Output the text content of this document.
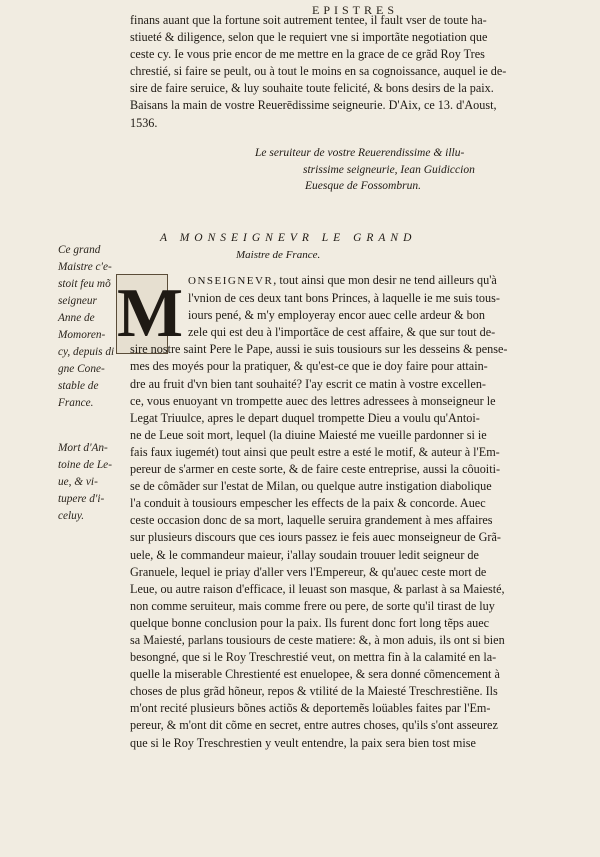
EPISTRES
finans auant que la fortune soit autrement tentee, il fault vser de toute ha-
stiueté & diligence, selon que le requiert vne si importãte negotiation que
ceste cy. Ie vous prie encor de me mettre en la grace de ce grãd Roy Tres
chrestié, si faire se peult, ou à tout le moins en sa cognoissance, auquel ie de-
sire de faire seruice, & luy souhaite toute felicité, & bons desirs de la paix.
Baisans la main de vostre Reuerēdissime seigneurie. D'Aix, ce 13. d'Aoust,
1536.
Le seruiteur de vostre Reuerendissime & illu-
strissime seigneurie, Iean Guidiccion
Euesque de Fossombrun.
A MONSEIGNEVR LE GRAND
Maistre de France.
Ce grand
Maistre c'e-
stoit feu mõ
seigneur
Anne de
Momoren-
cy, depuis di
gne Cone-
stable de
France.
Mort d'An-
toine de Le-
ue, & vi-
tupere d'i-
celuy.
M ONSEIGNEVR, tout ainsi que mon desir ne tend ailleurs qu'à
l'vnion de ces deux tant bons Princes, à laquelle ie me suis tous-
iours pené, & m'y employeray encor auec celle ardeur & bon
zele qui est deu à l'importãce de cest affaire, & que sur tout de-
sire nostre saint Pere le Pape, aussi ie suis tousiours sur les desseins & pense-
mes des moyés pour la pratiquer, & qu'est-ce que ie doy faire pour attain-
dre au fruit d'vn bien tant souhaité? I'ay escrit ce matin à vostre excellen-
ce, vous enuoyant vn trompette auec des lettres adressees à monseigneur le
Legat Triuulce, apres le depart duquel trompette Dieu a voulu qu'Antoi-
ne de Leue soit mort, lequel (la diuine Maiesté me vueille pardonner si ie
fais faux iugemét) tout ainsi que peult estre a esté le motif, & auteur à l'Em-
pereur de s'armer en ceste sorte, & de faire ceste entreprise, aussi la côuoiti-
se de cômãder sur l'estat de Milan, ou quelque autre instigation diabolique
l'a conduit à tousiours empescher les effects de la paix & concorde. Auec
ceste occasion donc de sa mort, laquelle seruira grandement à mes affaires
sur plusieurs discours que ces iours passez ie feis auec monseigneur de Grã-
uele, & le commandeur maieur, i'allay soudain trouuer ledit seigneur de
Granuele, lequel ie priay d'aller vers l'Empereur, & qu'auec ceste mort de
Leue, ou autre raison d'efficace, il leuast son masque, & parlast à sa Maiesté,
non comme seruiteur, mais comme frere ou pere, de sorte qu'il tirast de luy
quelque bonne conclusion pour la paix. Ils furent donc fort long tẽps auec
sa Maiesté, parlans tousiours de ceste matiere: &, à mon aduis, ils ont si bien
besongné, que si le Roy Treschrestié veut, on mettra fin à la calamité en la-
quelle la miserable Chrestienté est enuelopee, & sera donné cõmencement à
choses de plus grãd hõneur, repos & vtilité de la Maiesté Treschrestiẽne. Ils
m'ont recité plusieurs bõnes actiõs & deportemẽs loüables faites par l'Em-
pereur, & m'ont dit cõme en secret, entre autres choses, qu'ils s'ont asseurez
que si le Roy Treschrestien y veult entendre, la paix sera bien tost mise
